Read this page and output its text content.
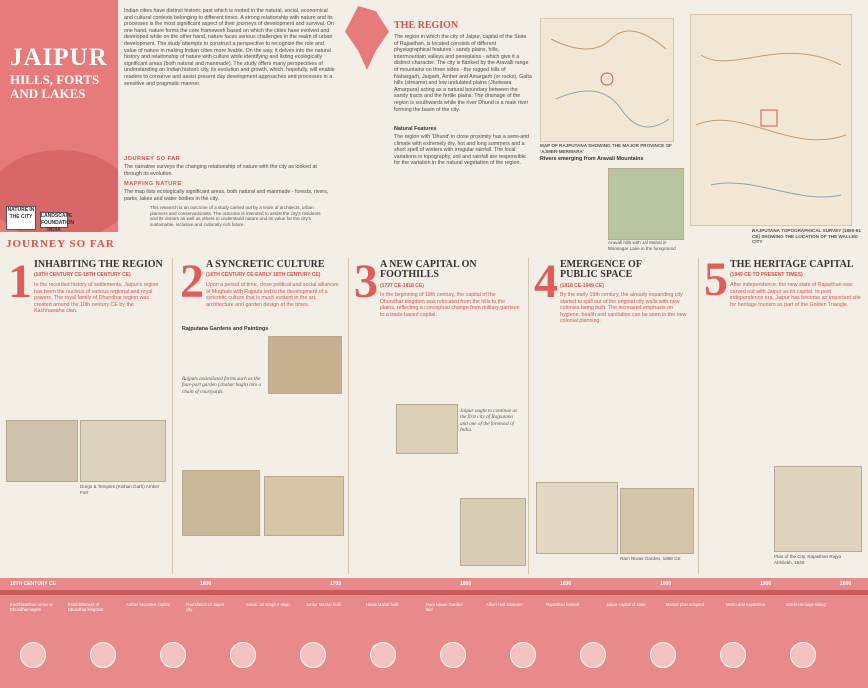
JAIPUR
HILLS, FORTS AND LAKES
Indian cities have distinct historic past which is rooted in the natural, social, economical and cultural contexts belonging to different times. A strong relationship with nature and its processes is the most significant aspect of their journeys of development and survival. On one hand, nature forms the core framework based on which the cities have evolved and developed while on the other hand, nature faces serious challenges in the realm of urban development. The study attempts to construct a perspective to recognize the role and value of nature in making Indian cities more livable. On the way, it delves into the natural history and relationship of nature with culture while identifying and listing ecologically significant areas (both natural and manmade). The study offers many perspectives of understanding an Indian historic city, its evolution and growth, which, hopefully, will enable readers to conserve and assist present day development approaches and processes in a sensitive and pragmatic manner.
JOURNEY SO FAR
The narrative surveys the changing relationship of nature with the city as looked at through its evolution.
MAPPING NATURE
The map lists ecologically significant areas, both natural and manmade - forests, rivers, parks, lakes and water bodies in the city.
This research is an outcome of a study carried out by a team of architects, urban planners and conservationists. The outcome is intended to assist the city's residents and its visitors as well as others to understand nature and its value for the city's sustainable, inclusive and culturally rich future.
NATURE IN THE CITY	LANDSCAPE FOUNDATION INDIA
THE REGION
The region in which the city of Jaipur, capital of the State of Rajasthan, is located consists of different physiographical features - sandy plains, hills, intermountain valleys and peneplains - which give it a distinct character. The city is flanked by the Aravalli range of mountains on three sides - the rugged hills of Nahargarh, Jaigarh, Amber and Amargarh (or rocks), Galta hills (streams) and low undulated plains (Jhotwara Amarpura) acting as a natural boundary between the sandy tracts and the fertile plains. The drainage of the region is southwards while the river Dhund is a main river forming the basin of the city.
Natural Features
The region with 'Dhund' in close proximity has a semi-arid climate with extremely dry, hot and long summers and a short spell of winters with irregular rainfall. The local variations in topography, soil and rainfall are responsible for the variation in the natural vegetation of the region.
MAP OF RAJPUTANA SHOWING THE MAJOR PROVINCE OF 'AJMER-MERWARA'
Rivers emerging from Aravali Mountains
RAJPUTANA TOPOGRAPHICAL SURVEY (1860-61 CE) SHOWING THE LOCATION OF THE WALLED CITY
Aravali hills with Jal Mahal in Mansagar Lake in the foreground
JOURNEY SO FAR
1 INHABITING THE REGION
(10TH CENTURY CE-18TH CENTURY CE)
In the recorded history of settlements, Jaipur's region has been the nucleus of various regional and royal powers. The royal family of Dhundhar region was created around the 10th century CE by the Kachhawaha clan.
Durgs & Temples (Kishan Garh) Amber Fort
2 A SYNCRETIC CULTURE
(16TH CENTURY CE-EARLY 18TH CENTURY CE)
Upon a period of time, close political and social alliances of Mughals with Rajputs led to the development of a syncretic culture that is much evident in the art, architecture and garden design of the times.
Rajputana Gardens and Paintings
Rajputs assimilated forms such as the four-part garden (chahar bagh) into a chain of courtyards.
3 A NEW CAPITAL ON FOOTHILLS
(1727 CE-1818 CE)
In the beginning of 18th century, the capital of the Dhundhar kingdom was relocated from the hills to the plains, reflecting a conceptual change from military garrison to a trade-based capital.
Jaipur ought to continue as the first city of Rajputana and one of the foremost of India.
4 EMERGENCE OF PUBLIC SPACE
(1818 CE-1949 CE)
By the early 19th century, the already expanding city started to spill out of the original city walls with new colonies being built. The increased emphasis on hygiene, health and sanitation can be seen in the new colonial planning.
Ram Niwas Garden, 1868 CE
5 THE HERITAGE CAPITAL
(1949 CE TO PRESENT TIMES)
After independence, the new state of Rajasthan was carved out with Jaipur as its capital. In post independence era, Jaipur has become an important site for heritage tourism as part of the Golden Triangle.
Plan of the City, Rajasthan Rajya Abhilekh, 1949
10TH CENTURY CE	1600	1700	1800	1850	1900	1950	2000
Kachhawahas arrive at Dhundhar region
Establishment of Dhundhar kingdom
Amber becomes capital	Foundation of Jaipur city
Sawai Jai Singh II reign	Jantar Mantar built	Hawa Mahal built	Ram Niwas Garden laid
Albert Hall Museum	Rajasthan formed	Jaipur capital of state	Master plan adopted	Metro and expansion	World Heritage listing
